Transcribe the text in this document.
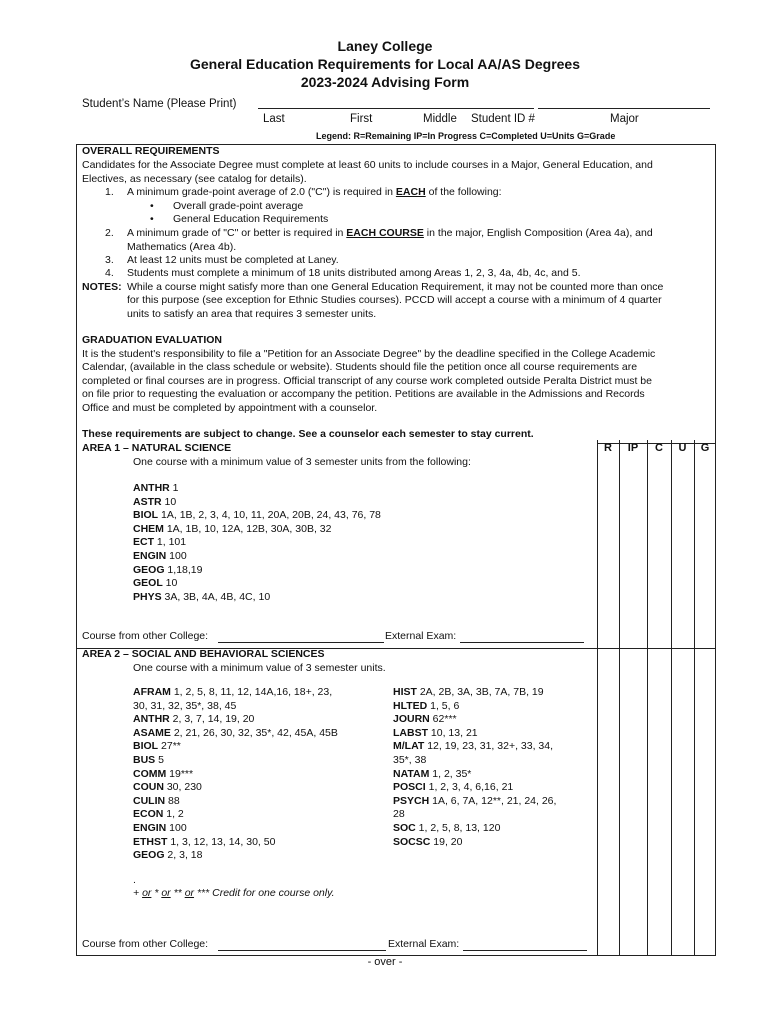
Laney College
General Education Requirements for Local AA/AS Degrees
2023-2024 Advising Form
Student’s Name (Please Print)
Last	First	Middle Student ID #	Major
Legend: R=Remaining IP=In Progress C=Completed U=Units G=Grade
OVERALL REQUIREMENTS
Candidates for the Associate Degree must complete at least 60 units to include courses in a Major, General Education, and
Electives, as necessary (see catalog for details).
1. A minimum grade-point average of 2.0 ("C") is required in EACH of the following:
• Overall grade-point average
• General Education Requirements
2. A minimum grade of "C" or better is required in EACH COURSE in the major, English Composition (Area 4a), and
Mathematics (Area 4b).
3. At least 12 units must be completed at Laney.
4. Students must complete a minimum of 18 units distributed among Areas 1, 2, 3, 4a, 4b, 4c, and 5.
NOTES: While a course might satisfy more than one General Education Requirement, it may not be counted more than once
for this purpose (see exception for Ethnic Studies courses). PCCD will accept a course with a minimum of 4 quarter
units to satisfy an area that requires 3 semester units.
GRADUATION EVALUATION
It is the student's responsibility to file a "Petition for an Associate Degree" by the deadline specified in the College Academic
Calendar, (available in the class schedule or website). Students should file the petition once all course requirements are
completed or final courses are in progress. Official transcript of any course work completed outside Peralta District must be
on file prior to requesting the evaluation or accompany the petition. Petitions are available in the Admissions and Records
Office and must be completed by appointment with a counselor.
These requirements are subject to change. See a counselor each semester to stay current.
R	IP	C	U	G
AREA 1 – NATURAL SCIENCE
One course with a minimum value of 3 semester units from the following:
ANTHR 1
ASTR 10
BIOL 1A, 1B, 2, 3, 4, 10, 11, 20A, 20B, 24, 43, 76, 78
CHEM 1A, 1B, 10, 12A, 12B, 30A, 30B, 32
ECT 1, 101
ENGIN 100
GEOG 1,18,19
GEOL 10
PHYS 3A, 3B, 4A, 4B, 4C, 10
Course from other College:	External Exam:
AREA 2 – SOCIAL AND BEHAVIORAL SCIENCES
One course with a minimum value of 3 semester units.
AFRAM 1, 2, 5, 8, 11, 12, 14A,16, 18+, 23,
30, 31, 32, 35*, 38, 45
ANTHR 2, 3, 7, 14, 19, 20
ASAME 2, 21, 26, 30, 32, 35*, 42, 45A, 45B
BIOL 27**
BUS 5
COMM 19***
COUN 30, 230
CULIN 88
ECON 1, 2
ENGIN 100
ETHST 1, 3, 12, 13, 14, 30, 50
GEOG 2, 3, 18
HIST 2A, 2B, 3A, 3B, 7A, 7B, 19
HLTED 1, 5, 6
JOURN 62***
LABST 10, 13, 21
M/LAT 12, 19, 23, 31, 32+, 33, 34,
35*, 38
NATAM 1, 2, 35*
POSCI 1, 2, 3, 4, 6,16, 21
PSYCH 1A, 6, 7A, 12**, 21, 24, 26,
28
SOC 1, 2, 5, 8, 13, 120
SOCSC 19, 20
.
+ or * or ** or *** Credit for one course only.
Course from other College:	External Exam:
- over -
